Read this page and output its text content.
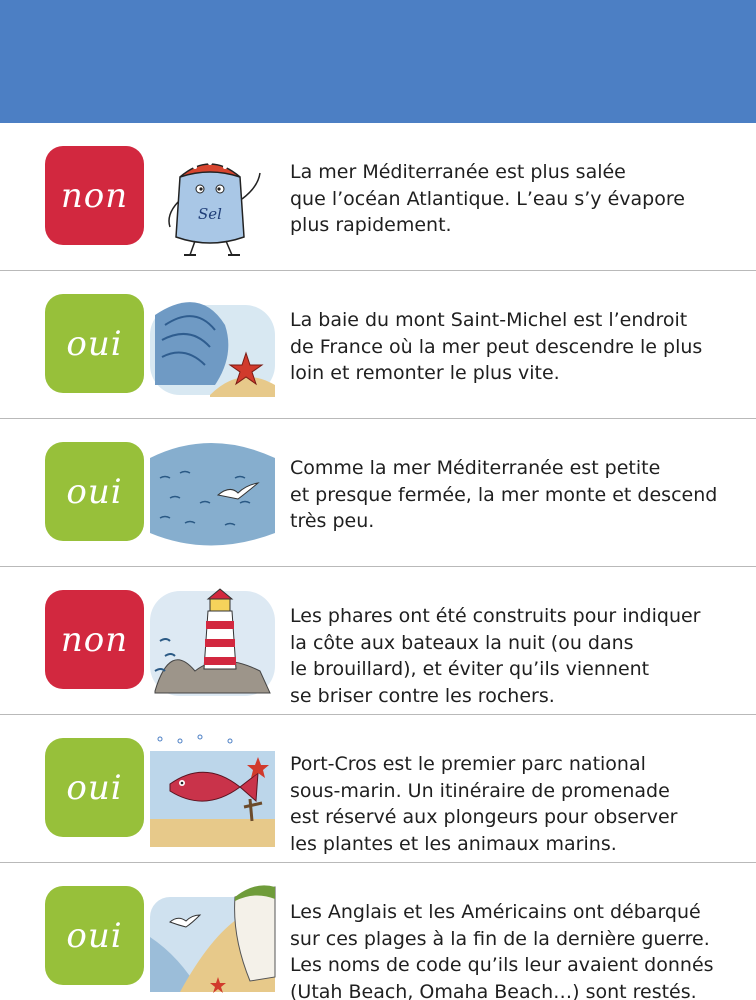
non	Sel
La mer Méditerranée est plus salée
que l’océan Atlantique. L’eau s’y évapore
plus rapidement.
oui
La baie du mont Saint-Michel est l’endroit
de France où la mer peut descendre le plus
loin et remonter le plus vite.
oui
Comme la mer Méditerranée est petite
et presque fermée, la mer monte et descend
très peu.
non
Les phares ont été construits pour indiquer
la côte aux bateaux la nuit (ou dans
le brouillard), et éviter qu’ils viennent
se briser contre les rochers.
oui
Port-Cros est le premier parc national
sous-marin. Un itinéraire de promenade
est réservé aux plongeurs pour observer
les plantes et les animaux marins.
oui
Les Anglais et les Américains ont débarqué
sur ces plages à la fin de la dernière guerre.
Les noms de code qu’ils leur avaient donnés
(Utah Beach, Omaha Beach…) sont restés.
